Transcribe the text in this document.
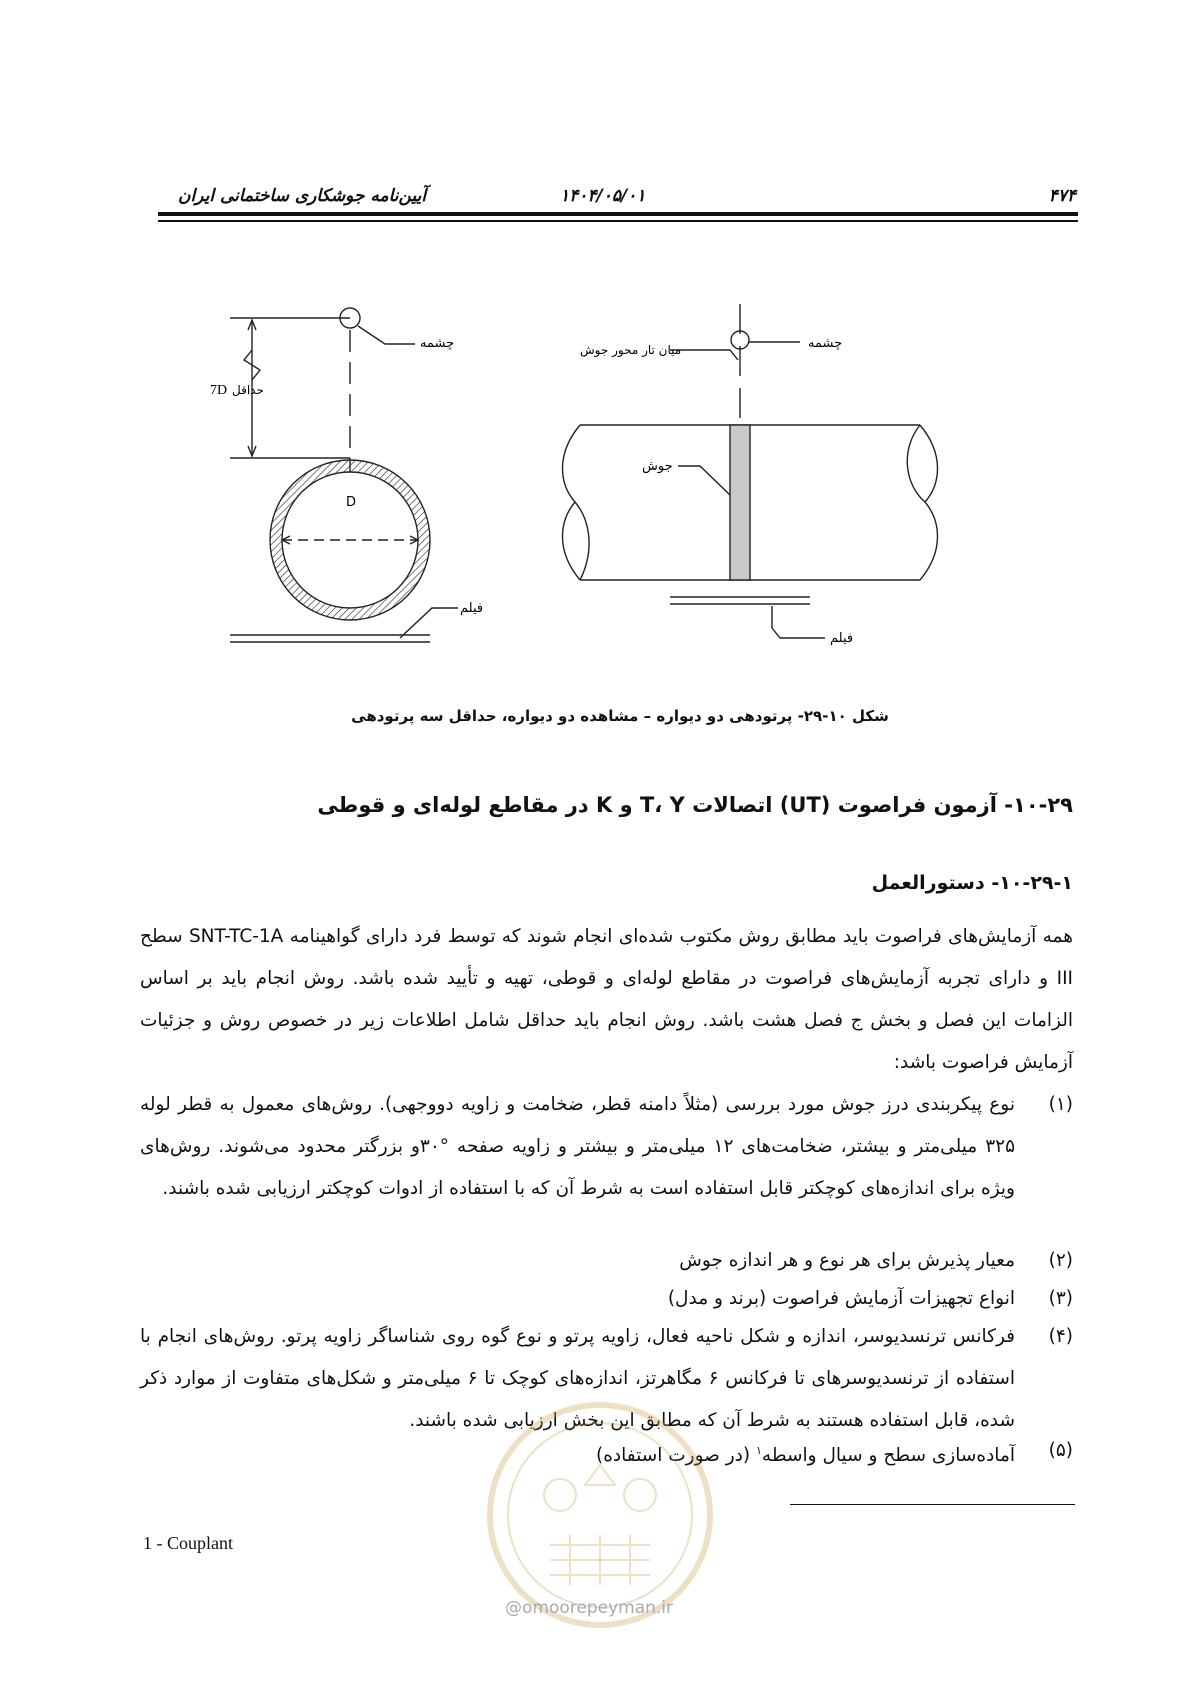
۴۷۴
۱۴۰۴/۰۵/۰۱
آیین‌نامه جوشکاری ساختمانی ایران
چشمه
7D حداقل
D
فیلم
چشمه
میان تار محور جوش
جوش
فیلم
شکل ۱۰-۲۹- پرتودهی دو دیواره – مشاهده دو دیواره، حداقل سه پرتودهی
۱۰-۲۹- آزمون فراصوت (UT) اتصالات T، Y و K در مقاطع لوله‌ای و قوطی
۱۰-۲۹-۱- دستورالعمل
همه آزمایش‌های فراصوت باید مطابق روش مکتوب شده‌ای انجام شوند که توسط فرد دارای گواهینامه SNT-TC-1A سطح III و دارای تجربه آزمایش‌های فراصوت در مقاطع لوله‌ای و قوطی، تهیه و تأیید شده باشد. روش انجام باید بر اساس الزامات این فصل و بخش ج فصل هشت باشد. روش انجام باید حداقل شامل اطلاعات زیر در خصوص روش و جزئیات آزمایش فراصوت باشد:
(۱)
نوع پیکربندی درز جوش مورد بررسی (مثلاً دامنه قطر، ضخامت و زاویه دووجهی). روش‌های معمول به قطر لوله ۳۲۵ میلی‌متر و بیشتر، ضخامت‌های ۱۲ میلی‌متر و بیشتر و زاویه صفحه °۳۰و بزرگتر محدود می‌شوند. روش‌های ویژه برای اندازه‌های کوچکتر قابل استفاده است به شرط آن که با استفاده از ادوات کوچکتر ارزیابی شده باشند.
(۲)
معیار پذیرش برای هر نوع و هر اندازه جوش
(۳)
انواع تجهیزات آزمایش فراصوت (برند و مدل)
(۴)
فرکانس ترنسدیوسر، اندازه و شکل ناحیه فعال، زاویه پرتو و نوع گوه روی شناساگر زاویه پرتو. روش‌های انجام با استفاده از ترنسدیوسرهای تا فرکانس ۶ مگاهرتز، اندازه‌های کوچک تا ۶ میلی‌متر و شکل‌های متفاوت از موارد ذکر شده، قابل استفاده هستند به شرط آن که مطابق این بخش ارزیابی شده باشند.
(۵)
آماده‌سازی سطح و سیال واسطه$^۱$ (در صورت استفاده)
1 - Couplant
@omoorepeyman.ir
